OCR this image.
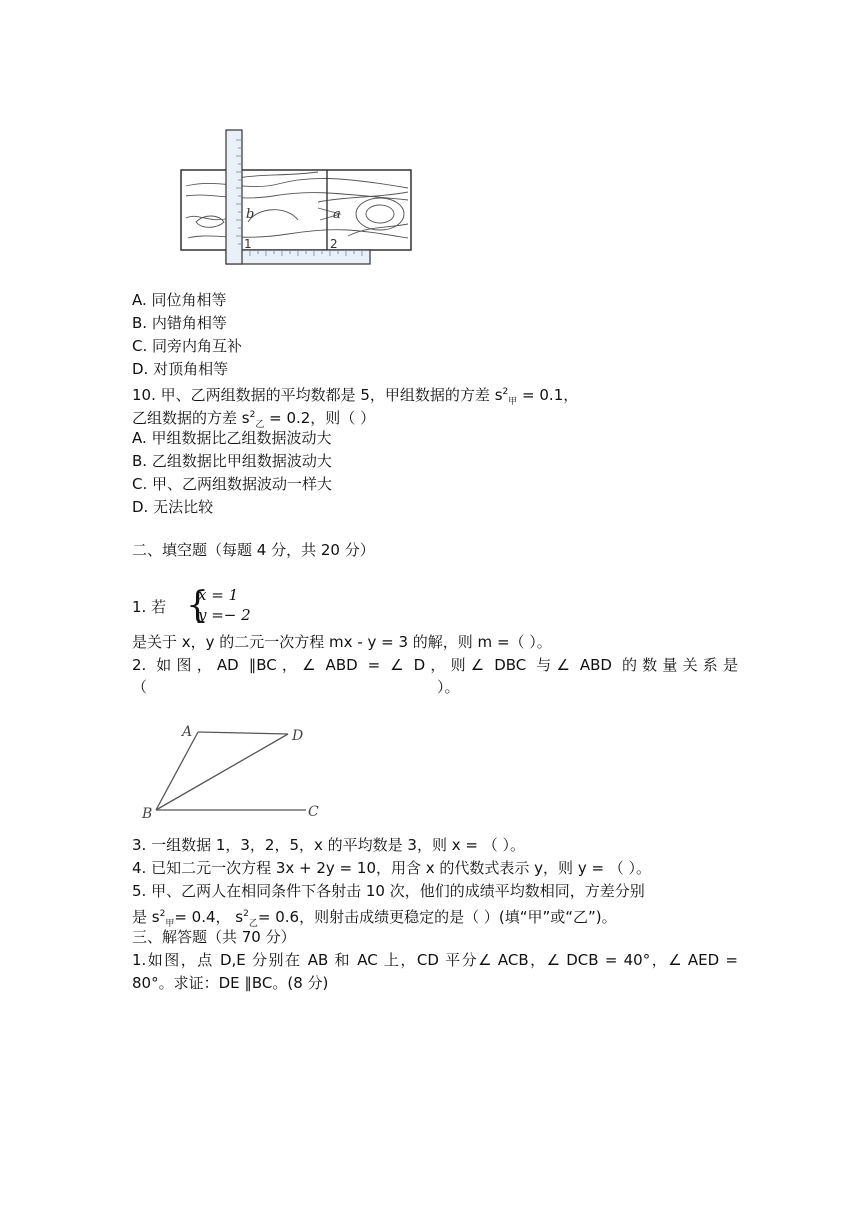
b	a
1	2
A. 同位角相等
B. 内错角相等
C. 同旁内角互补
D. 对顶角相等
10. 甲、乙两组数据的平均数都是 5，甲组数据的方差 $s^2_甲 = 0.1$，
乙组数据的方差 $s^2_乙 = 0.2$，则（ ）
A. 甲组数据比乙组数据波动大
B. 乙组数据比甲组数据波动大
C. 甲、乙两组数据波动一样大
D. 无法比较
二、填空题（每题 4 分，共 20 分）
1. 若 {
x = 1
y =− 2
是关于 x，y 的二元一次方程 mx - y = 3 的解，则 m =（ ）。
2. 如图，AD ∥BC，∠ ABD = ∠ D，则∠ DBC 与∠ ABD 的数量关系是
（	）。
A	D
B	C
3. 一组数据 1，3，2，5，x 的平均数是 3，则 x = （ ）。
4. 已知二元一次方程 3x + 2y = 10，用含 x 的代数式表示 y，则 y = （ ）。
5. 甲、乙两人在相同条件下各射击 10 次，他们的成绩平均数相同，方差分别
是 $s^2_甲= 0.4$， $s^2_乙= 0.6$，则射击成绩更稳定的是（ ）(填“甲”或“乙”)。
三、解答题（共 70 分）
1.如图，点 D,E 分别在 AB 和 AC 上，CD 平分∠ ACB，∠ DCB = 40°，∠ AED =
80°。求证：DE ∥BC。(8 分)
